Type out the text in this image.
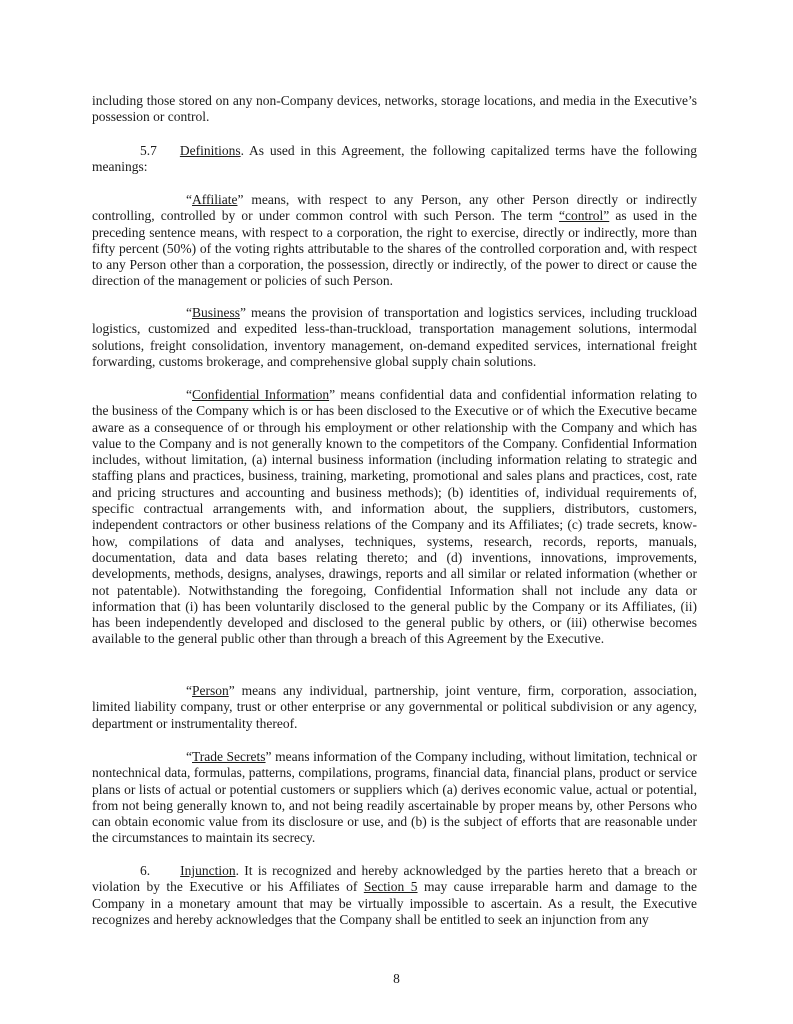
including those stored on any non-Company devices, networks, storage locations, and media in the Executive’s possession or control.

5.7 Definitions. As used in this Agreement, the following capitalized terms have the following meanings:

“Affiliate” means, with respect to any Person, any other Person directly or indirectly controlling, controlled by or under common control with such Person. The term “control” as used in the preceding sentence means, with respect to a corporation, the right to exercise, directly or indirectly, more than fifty percent (50%) of the voting rights attributable to the shares of the controlled corporation and, with respect to any Person other than a corporation, the possession, directly or indirectly, of the power to direct or cause the direction of the management or policies of such Person.

“Business” means the provision of transportation and logistics services, including truckload logistics, customized and expedited less-than-truckload, transportation management solutions, intermodal solutions, freight consolidation, inventory management, on-demand expedited services, international freight forwarding, customs brokerage, and comprehensive global supply chain solutions.

“Confidential Information” means confidential data and confidential information relating to the business of the Company which is or has been disclosed to the Executive or of which the Executive became aware as a consequence of or through his employment or other relationship with the Company and which has value to the Company and is not generally known to the competitors of the Company. Confidential Information includes, without limitation, (a) internal business information (including information relating to strategic and staffing plans and practices, business, training, marketing, promotional and sales plans and practices, cost, rate and pricing structures and accounting and business methods); (b) identities of, individual requirements of, specific contractual arrangements with, and information about, the suppliers, distributors, customers, independent contractors or other business relations of the Company and its Affiliates; (c) trade secrets, know-how, compilations of data and analyses, techniques, systems, research, records, reports, manuals, documentation, data and data bases relating thereto; and (d) inventions, innovations, improvements, developments, methods, designs, analyses, drawings, reports and all similar or related information (whether or not patentable). Notwithstanding the foregoing, Confidential Information shall not include any data or information that (i) has been voluntarily disclosed to the general public by the Company or its Affiliates, (ii) has been independently developed and disclosed to the general public by others, or (iii) otherwise becomes available to the general public other than through a breach of this Agreement by the Executive.

“Person” means any individual, partnership, joint venture, firm, corporation, association, limited liability company, trust or other enterprise or any governmental or political subdivision or any agency, department or instrumentality thereof.

“Trade Secrets” means information of the Company including, without limitation, technical or nontechnical data, formulas, patterns, compilations, programs, financial data, financial plans, product or service plans or lists of actual or potential customers or suppliers which (a) derives economic value, actual or potential, from not being generally known to, and not being readily ascertainable by proper means by, other Persons who can obtain economic value from its disclosure or use, and (b) is the subject of efforts that are reasonable under the circumstances to maintain its secrecy.

6. Injunction. It is recognized and hereby acknowledged by the parties hereto that a breach or violation by the Executive or his Affiliates of Section 5 may cause irreparable harm and damage to the Company in a monetary amount that may be virtually impossible to ascertain. As a result, the Executive recognizes and hereby acknowledges that the Company shall be entitled to seek an injunction from any

8
